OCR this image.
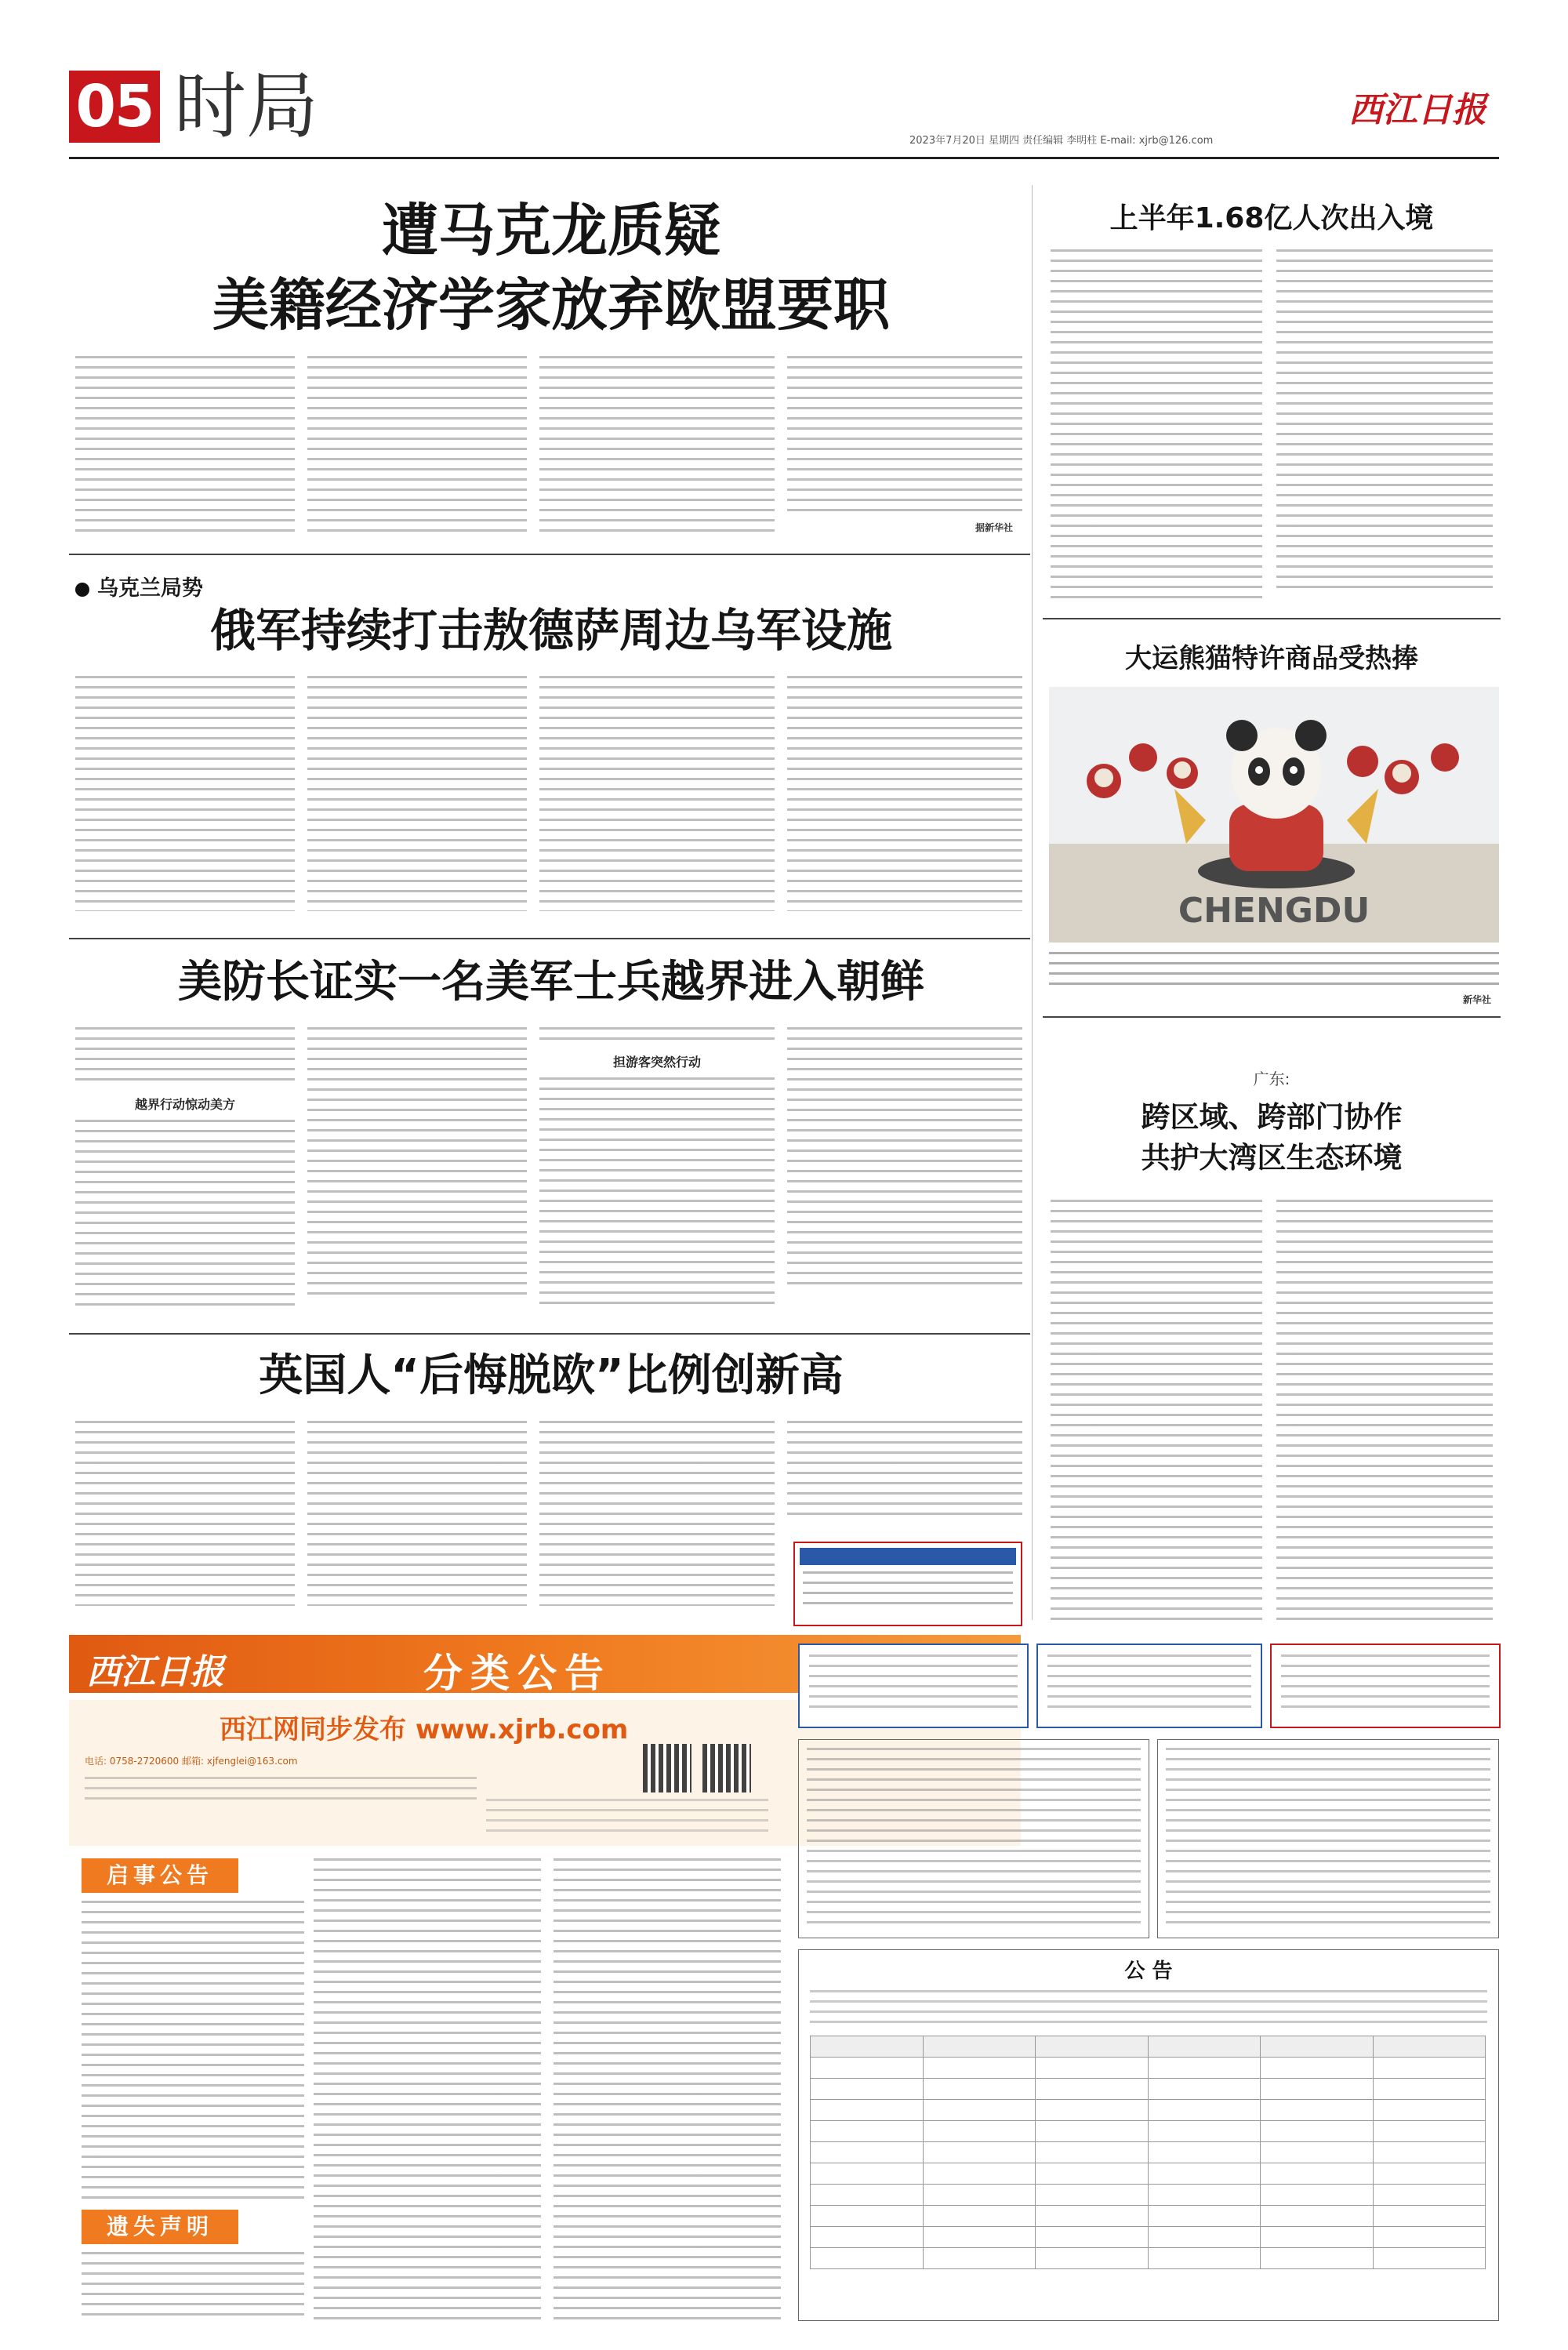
05 时局	西江日报
2023年7月20日 星期四 责任编辑 李明柱 E-mail: xjrb@126.com
遭马克龙质疑
美籍经济学家放弃欧盟要职
据新华社
上半年1.68亿人次出入境
乌克兰局势
俄军持续打击敖德萨周边乌军设施
美防长证实一名美军士兵越界进入朝鲜
越界行动惊动美方
担游客突然行动
英国人“后悔脱欧”比例创新高
大运熊猫特许商品受热捧
CHENGDU
新华社
广东:
跨区域、跨部门协作
共护大湾区生态环境
西江日报	分类公告
西江网同步发布 www.xjrb.com
电话: 0758-2720600 邮箱: xjfenglei@163.com
启事公告
遗失声明
公 告
